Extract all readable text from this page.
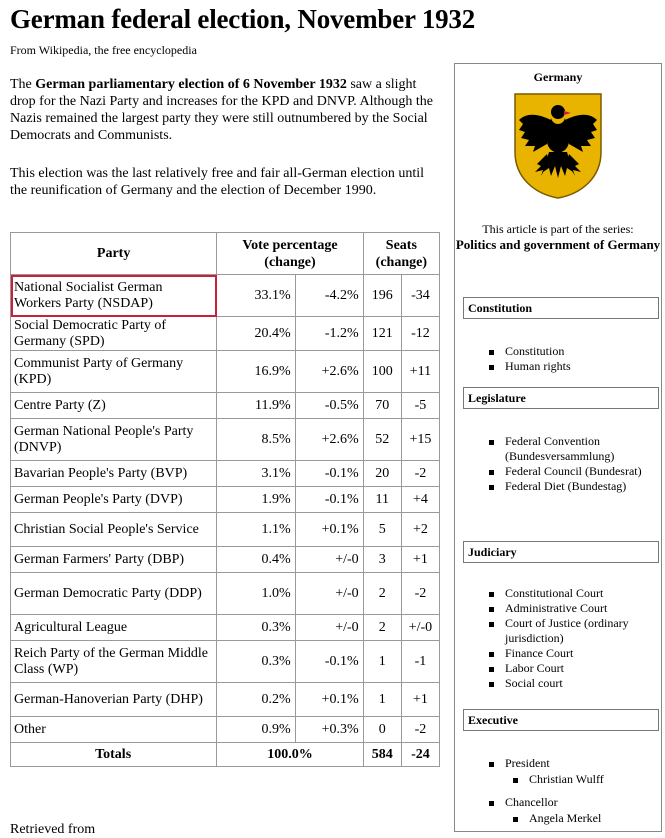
German federal election, November 1932
From Wikipedia, the free encyclopedia
The German parliamentary election of 6 November 1932 saw a slight drop for the Nazi Party and increases for the KPD and DNVP. Although the Nazis remained the largest party they were still outnumbered by the Social Democrats and Communists.
This election was the last relatively free and fair all-German election until the reunification of Germany and the election of December 1990.
Party	Vote percentage (change)		Seats (change)	
National Socialist German Workers Party (NSDAP)	33.1%	-4.2%	196	-34
Social Democratic Party of Germany (SPD)	20.4%	-1.2%	121	-12
Communist Party of Germany (KPD)	16.9%	+2.6%	100	+11
Centre Party (Z)	11.9%	-0.5%	70	-5
German National People's Party (DNVP)	8.5%	+2.6%	52	+15
Bavarian People's Party (BVP)	3.1%	-0.1%	20	-2
German People's Party (DVP)	1.9%	-0.1%	11	+4
Christian Social People's Service	1.1%	+0.1%	5	+2
German Farmers' Party (DBP)	0.4%	+/-0	3	+1
German Democratic Party (DDP)	1.0%	+/-0	2	-2
Agricultural League	0.3%	+/-0	2	+/-0
Reich Party of the German Middle Class (WP)	0.3%	-0.1%	1	-1
German-Hanoverian Party (DHP)	0.2%	+0.1%	1	+1
Other	0.9%	+0.3%	0	-2
Totals	100.0%		584	-24
Germany
This article is part of the series:
Politics and government of Germany
Constitution
Constitution
Human rights
Legislature
Federal Convention (Bundesversammlung)
Federal Council (Bundesrat)
Federal Diet (Bundestag)
Judiciary
Constitutional Court
Administrative Court
Court of Justice (ordinary jurisdiction)
Finance Court
Labor Court
Social court
Executive
President
Christian Wulff
Chancellor
Angela Merkel
Retrieved from
